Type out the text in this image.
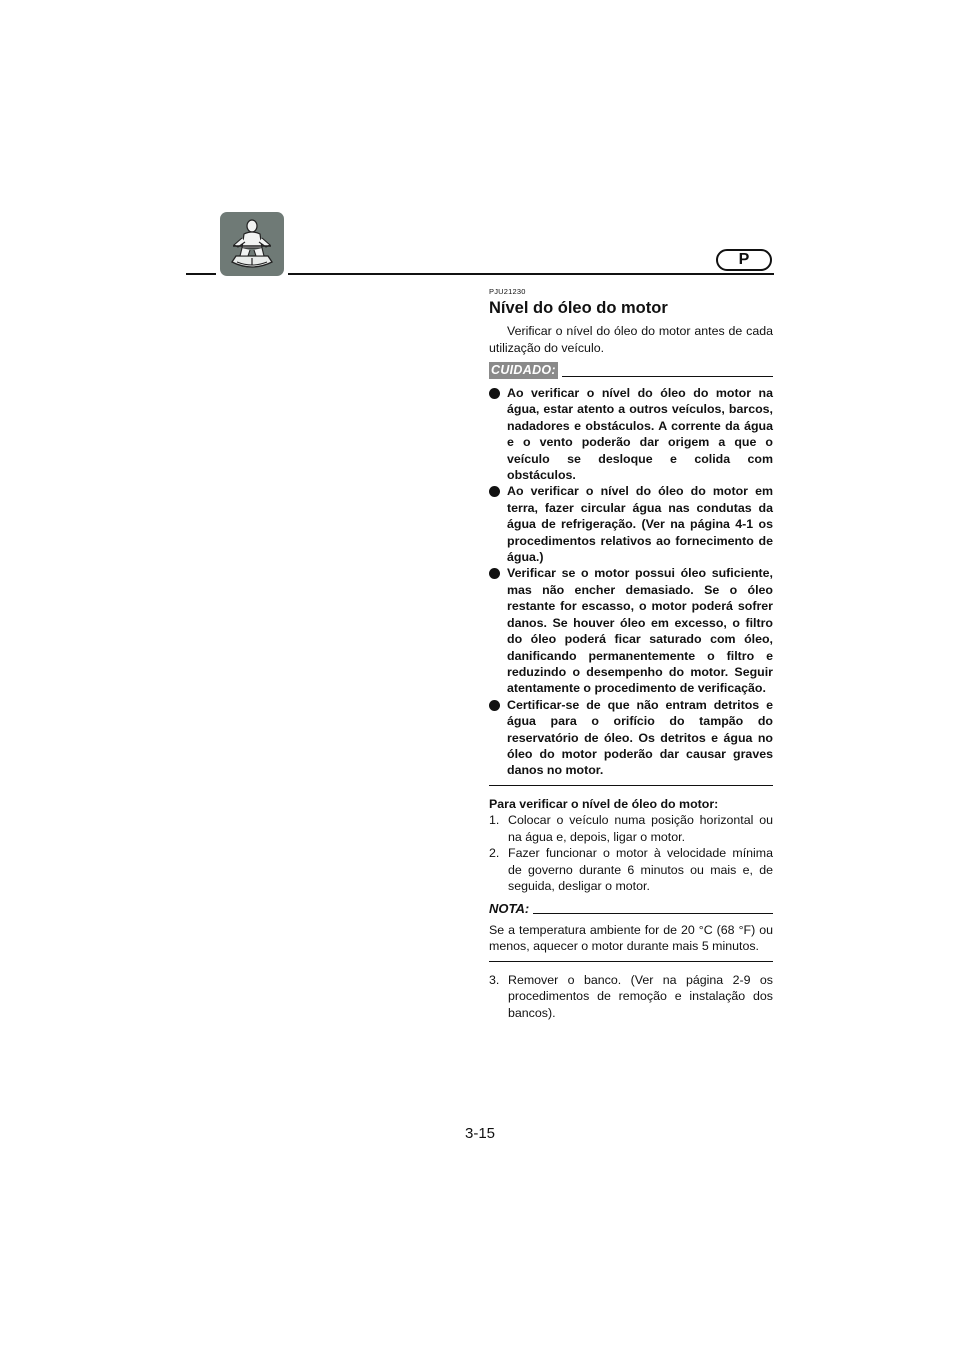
P
PJU21230
Nível do óleo do motor

Verificar o nível do óleo do motor antes de cada utilização do veículo.

CUIDADO:
Ao verificar o nível do óleo do motor na água, estar atento a outros veículos, barcos, nadadores e obstáculos. A corrente da água e o vento poderão dar origem a que o veículo se desloque e colida com obstáculos.
Ao verificar o nível do óleo do motor em terra, fazer circular água nas condutas da água de refrigeração. (Ver na página 4-1 os procedimentos relativos ao fornecimento de água.)
Verificar se o motor possui óleo suficiente, mas não encher demasiado. Se o óleo restante for escasso, o motor poderá sofrer danos. Se houver óleo em excesso, o filtro do óleo poderá ficar saturado com óleo, danificando permanentemente o filtro e reduzindo o desempenho do motor. Seguir atentamente o procedimento de verificação.
Certificar-se de que não entram detritos e água para o orifício do tampão do reservatório de óleo. Os detritos e água no óleo do motor poderão dar causar graves danos no motor.

Para verificar o nível de óleo do motor:

1. Colocar o veículo numa posição horizontal ou na água e, depois, ligar o motor.
2. Fazer funcionar o motor à velocidade mínima de governo durante 6 minutos ou mais e, de seguida, desligar o motor.
NOTA:

Se a temperatura ambiente for de 20 °C (68 °F) ou menos, aquecer o motor durante mais 5 minutos.

3. Remover o banco. (Ver na página 2-9 os procedimentos de remoção e instalação dos bancos).
3-15
